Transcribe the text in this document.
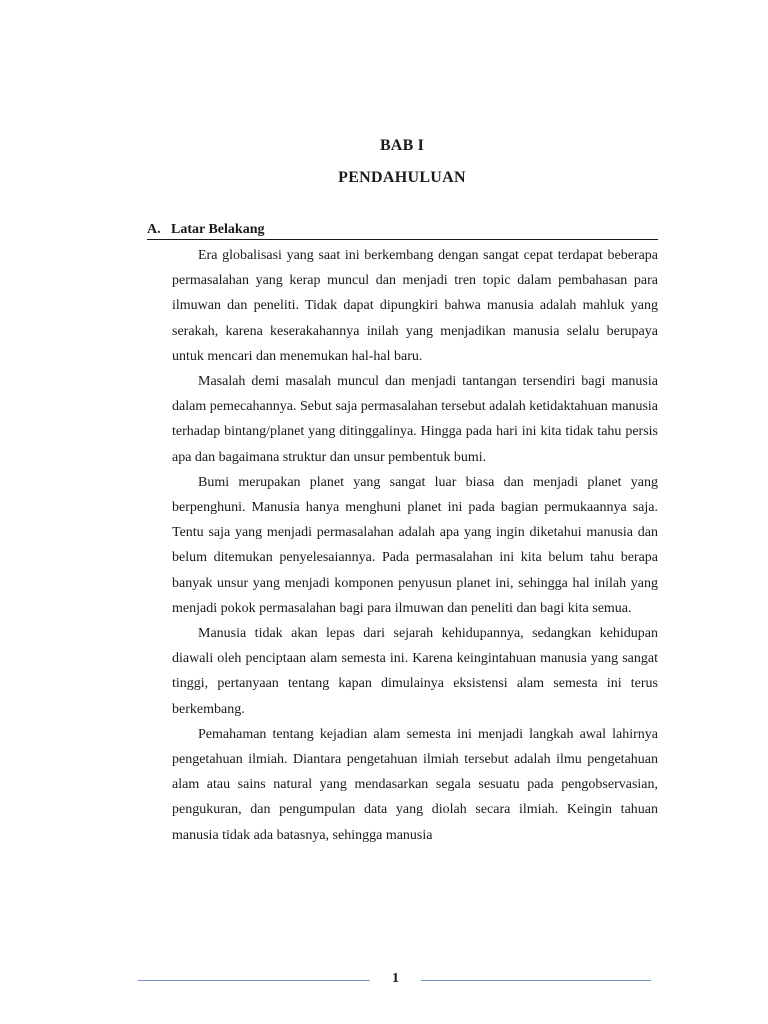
BAB I
PENDAHULUAN
A. Latar Belakang

Era globalisasi yang saat ini berkembang dengan sangat cepat terdapat beberapa permasalahan yang kerap muncul dan menjadi tren topic dalam pembahasan para ilmuwan dan peneliti. Tidak dapat dipungkiri bahwa manusia adalah mahluk yang serakah, karena keserakahannya inilah yang menjadikan manusia selalu berupaya untuk mencari dan menemukan hal-hal baru.

Masalah demi masalah muncul dan menjadi tantangan tersendiri bagi manusia dalam pemecahannya. Sebut saja permasalahan tersebut adalah ketidaktahuan manusia terhadap bintang/planet yang ditinggalinya. Hingga pada hari ini kita tidak tahu persis apa dan bagaimana struktur dan unsur pembentuk bumi.

Bumi merupakan planet yang sangat luar biasa dan menjadi planet yang berpenghuni. Manusia hanya menghuni planet ini pada bagian permukaannya saja. Tentu saja yang menjadi permasalahan adalah apa yang ingin diketahui manusia dan belum ditemukan penyelesaiannya. Pada permasalahan ini kita belum tahu berapa banyak unsur yang menjadi komponen penyusun planet ini, sehingga hal inilah yang menjadi pokok permasalahan bagi para ilmuwan dan peneliti dan bagi kita semua.

Manusia tidak akan lepas dari sejarah kehidupannya, sedangkan kehidupan diawali oleh penciptaan alam semesta ini. Karena keingintahuan manusia yang sangat tinggi, pertanyaan tentang kapan dimulainya eksistensi alam semesta ini terus berkembang.

Pemahaman tentang kejadian alam semesta ini menjadi langkah awal lahirnya pengetahuan ilmiah. Diantara pengetahuan ilmiah tersebut adalah ilmu pengetahuan alam atau sains natural yang mendasarkan segala sesuatu pada pengobservasian, pengukuran, dan pengumpulan data yang diolah secara ilmiah. Keingin tahuan manusia tidak ada batasnya, sehingga manusia

1
